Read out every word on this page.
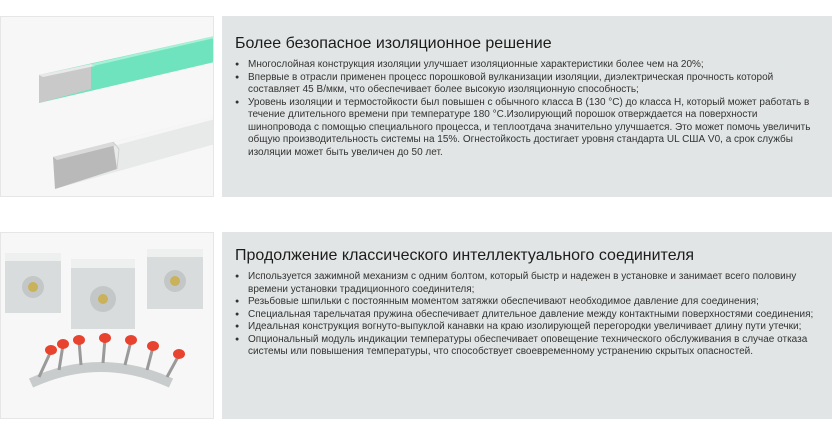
Более безопасное изоляционное решение
● Многослойная конструкция изоляции улучшает изоляционные характеристики более чем на 20%;
● Впервые в отрасли применен процесс порошковой вулканизации изоляции, диэлектрическая прочность которой составляет 45 В/мкм, что обеспечивает более высокую изоляционную способность;
● Уровень изоляции и термостойкости был повышен с обычного класса B (130 °C) до класса H, который может работать в течение длительного времени при температуре 180 °C.Изолирующий порошок отверждается на поверхности шинопровода с помощью специального процесса, и теплоотдача значительно улучшается. Это может помочь увеличить общую производительность системы на 15%. Огнестойкость достигает уровня стандарта UL США V0, а срок службы изоляции может быть увеличен до 50 лет.
Продолжение классического интеллектуального соединителя
● Используется зажимной механизм с одним болтом, который быстр и надежен в установке и занимает всего половину времени установки традиционного соединителя;
● Резьбовые шпильки с постоянным моментом затяжки обеспечивают необходимое давление для соединения;
● Специальная тарельчатая пружина обеспечивает длительное давление между контактными поверхностями соединения;
● Идеальная конструкция вогнуто-выпуклой канавки на краю изолирующей перегородки увеличивает длину пути утечки;
● Опциональный модуль индикации температуры обеспечивает оповещение технического обслуживания в случае отказа системы или повышения температуры, что способствует своевременному устранению скрытых опасностей.
